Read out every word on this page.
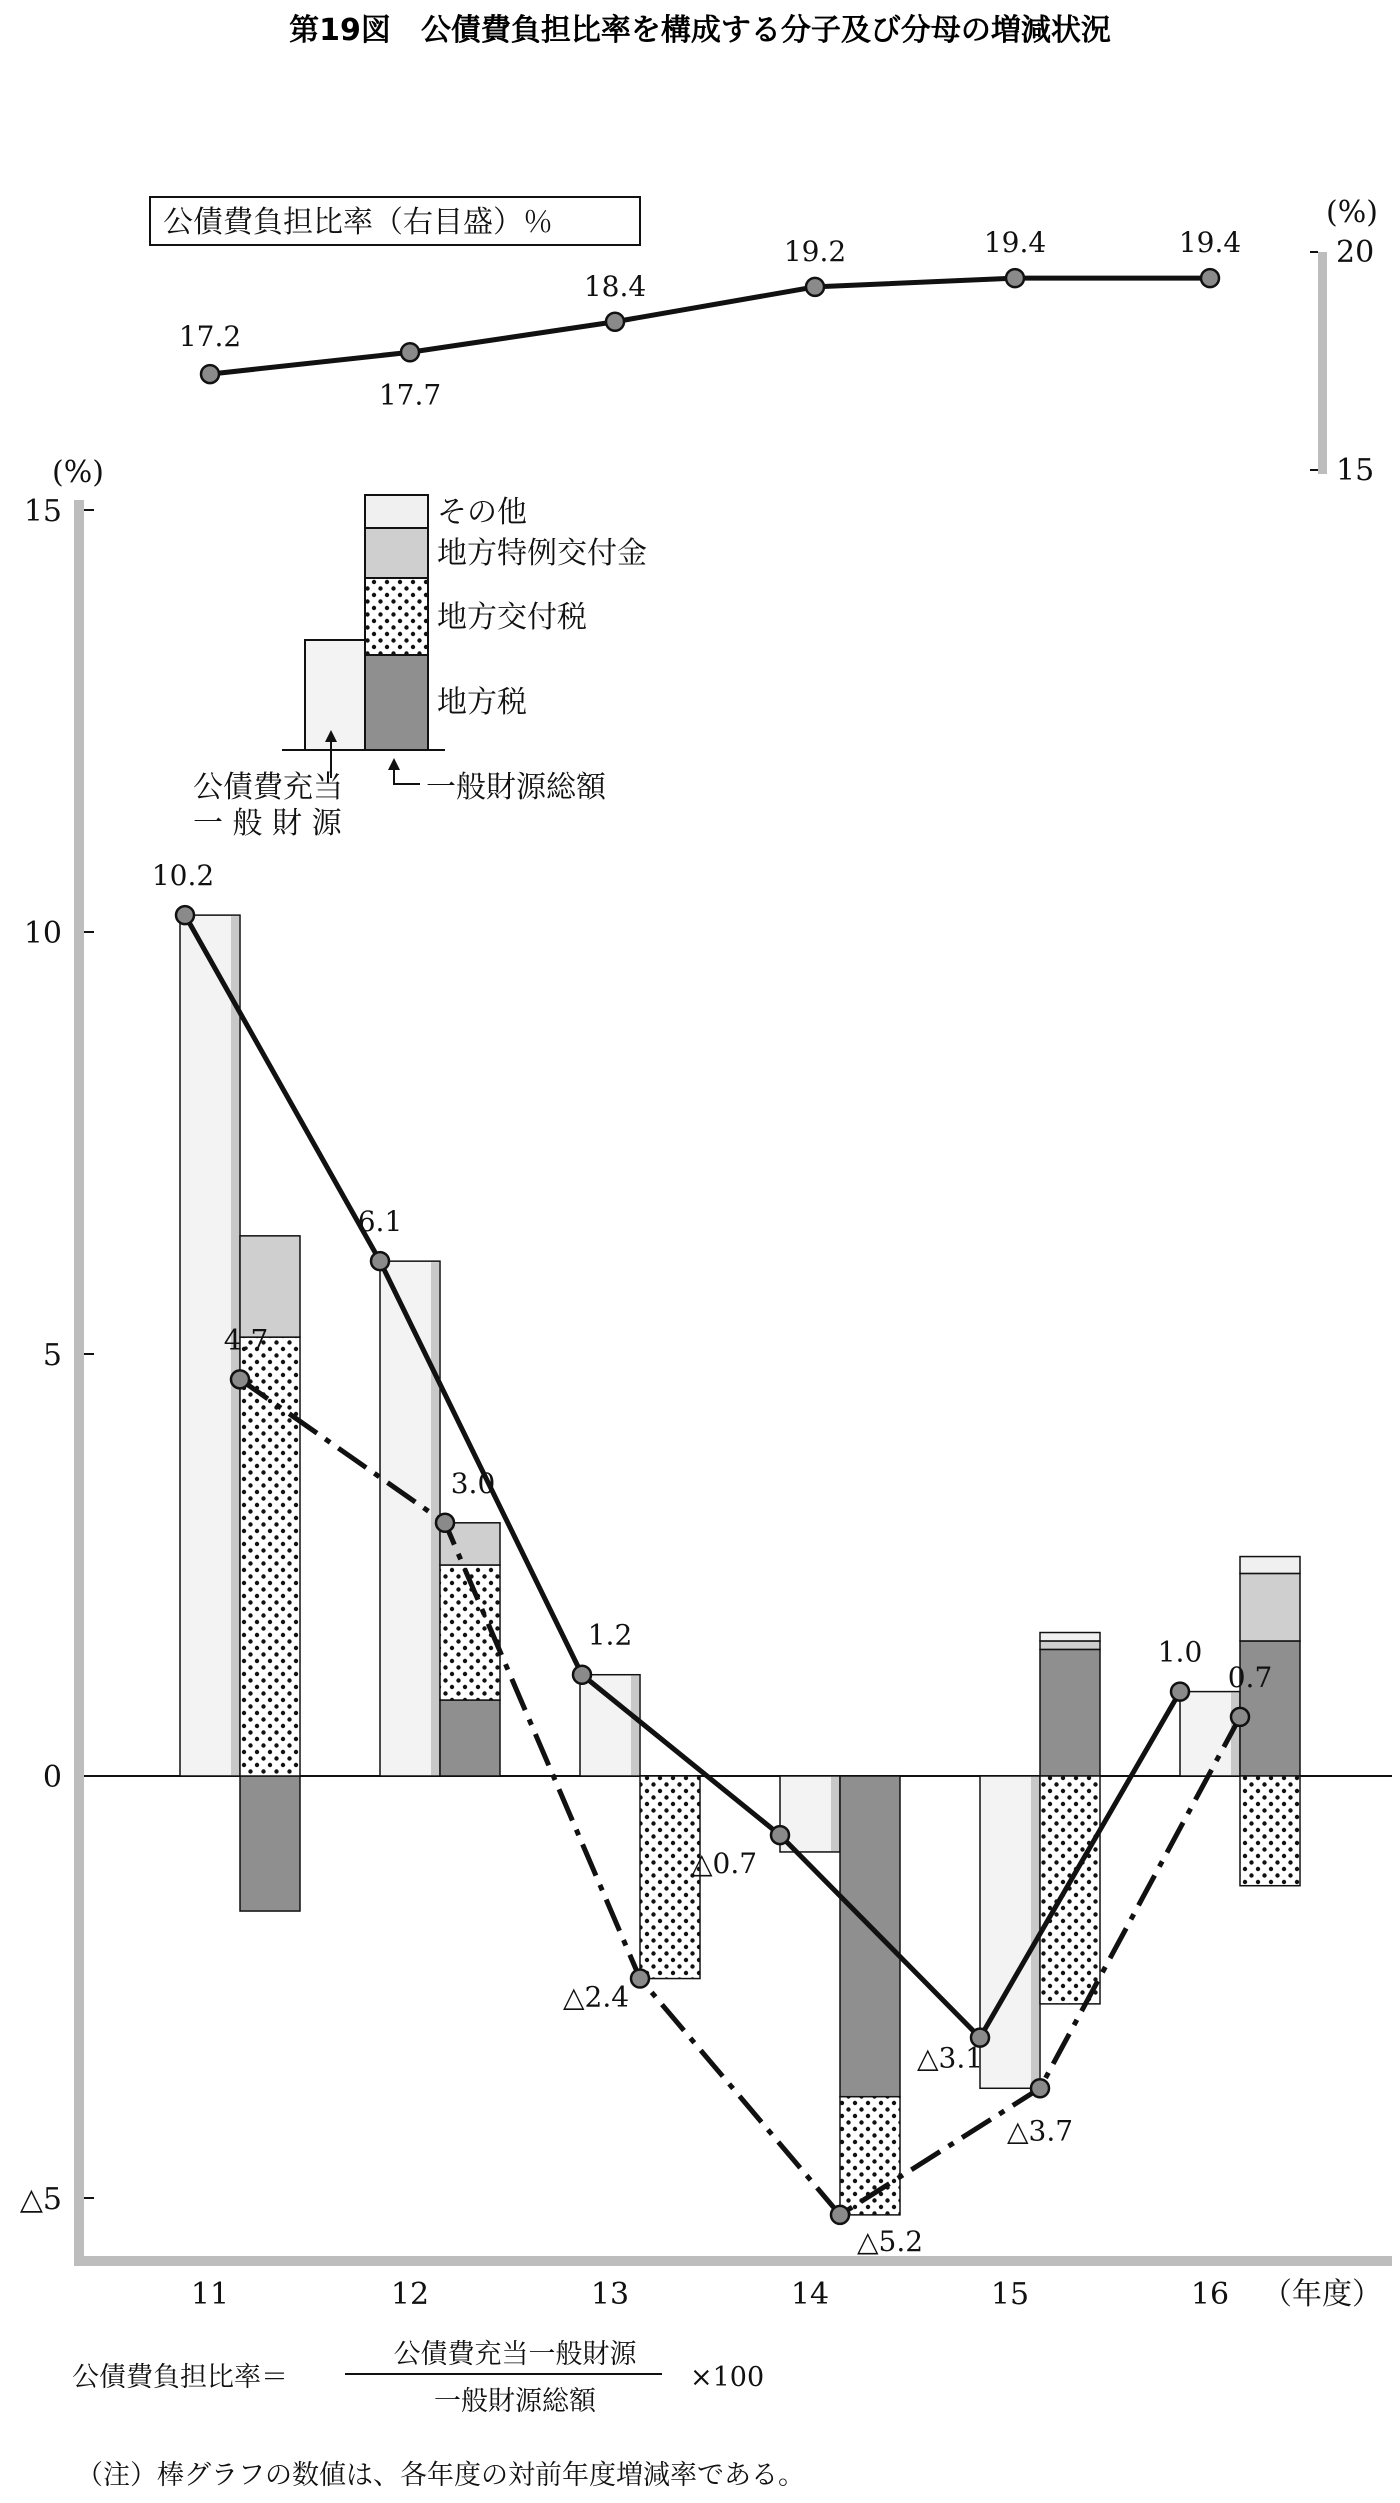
第19図　公債費負担比率を構成する分子及び分母の増減状況
公債費負担比率（右目盛）％	(%)
20
15
17.2
17.7
18.4
19.2	19.4	19.4
(%)
15
10
5
0
△5
10.2
6.1
1.2
△0.7
△3.1
1.0
4.7
3.0
△2.4
△5.2
△3.7
0.7
11	12	13	14	15	16 （年度）
その他
地方特例交付金
地方交付税
地方税
公債費充当
一 般 財 源
一般財源総額
公債費負担比率＝
公債費充当一般財源
一般財源総額
×100
（注）棒グラフの数値は、各年度の対前年度増減率である。
